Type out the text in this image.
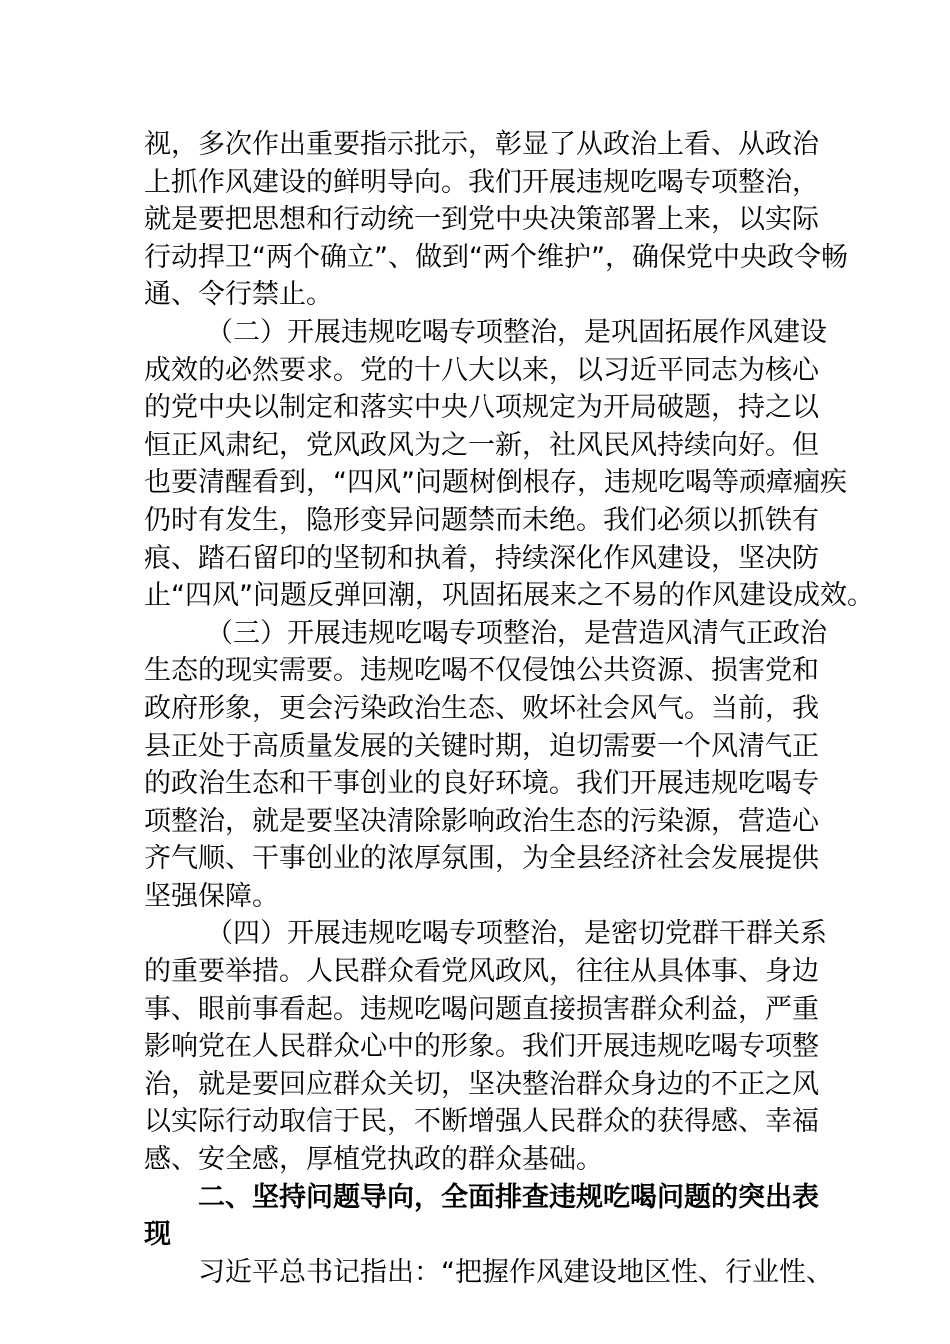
视，多次作出重要指示批示，彰显了从政治上看、从政治
上抓作风建设的鲜明导向。我们开展违规吃喝专项整治，
就是要把思想和行动统一到党中央决策部署上来，以实际
行动捍卫“两个确立”、做到“两个维护”，确保党中央政令畅
通、令行禁止。

（二）开展违规吃喝专项整治，是巩固拓展作风建设
成效的必然要求。党的十八大以来，以习近平同志为核心
的党中央以制定和落实中央八项规定为开局破题，持之以
恒正风肃纪，党风政风为之一新，社风民风持续向好。但
也要清醒看到，“四风”问题树倒根存，违规吃喝等顽瘴痼疾
仍时有发生，隐形变异问题禁而未绝。我们必须以抓铁有
痕、踏石留印的坚韧和执着，持续深化作风建设，坚决防
止“四风”问题反弹回潮，巩固拓展来之不易的作风建设成效。

（三）开展违规吃喝专项整治，是营造风清气正政治
生态的现实需要。违规吃喝不仅侵蚀公共资源、损害党和
政府形象，更会污染政治生态、败坏社会风气。当前，我
县正处于高质量发展的关键时期，迫切需要一个风清气正
的政治生态和干事创业的良好环境。我们开展违规吃喝专
项整治，就是要坚决清除影响政治生态的污染源，营造心
齐气顺、干事创业的浓厚氛围，为全县经济社会发展提供
坚强保障。

（四）开展违规吃喝专项整治，是密切党群干群关系
的重要举措。人民群众看党风政风，往往从具体事、身边
事、眼前事看起。违规吃喝问题直接损害群众利益，严重
影响党在人民群众心中的形象。我们开展违规吃喝专项整
治，就是要回应群众关切，坚决整治群众身边的不正之风
以实际行动取信于民，不断增强人民群众的获得感、幸福
感、安全感，厚植党执政的群众基础。

二、坚持问题导向，全面排查违规吃喝问题的突出表
现

习近平总书记指出：“把握作风建设地区性、行业性、
